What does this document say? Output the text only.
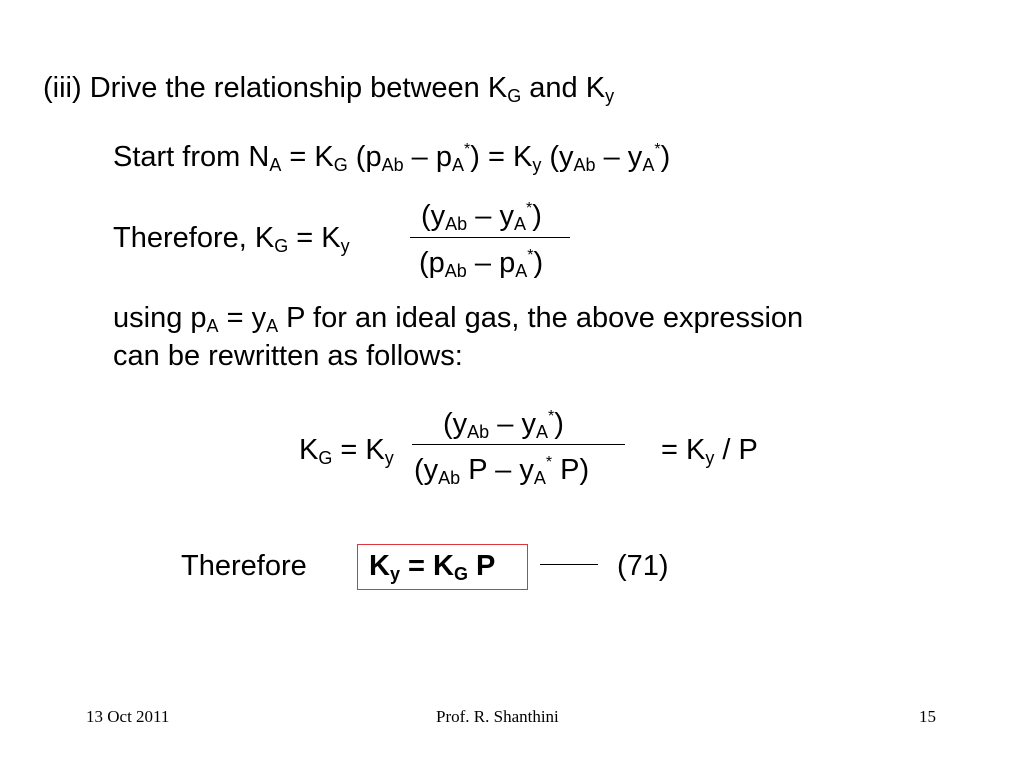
(iii) Drive the relationship between $K_G$ and $K_y$
Start from $N_A = K_G$ $(p_{Ab} - p_A^*) = K_y$ $(y_{Ab} - y_A^*)$
Therefore, $K_G = K_y$
$(y_{Ab} - y_A^*)$
$(p_{Ab} - p_A^*)$
using $p_A = y_A$ P for an ideal gas, the above expression
can be rewritten as follows:
$K_G = K_y$
$(y_{Ab} - y_A^*)$
($y_{Ab}$ P – $y_A^*$ P)
= $K_y$ / P
Therefore $K_y = K_G$ P	(71)
13 Oct 2011	Prof. R. Shanthini	15
